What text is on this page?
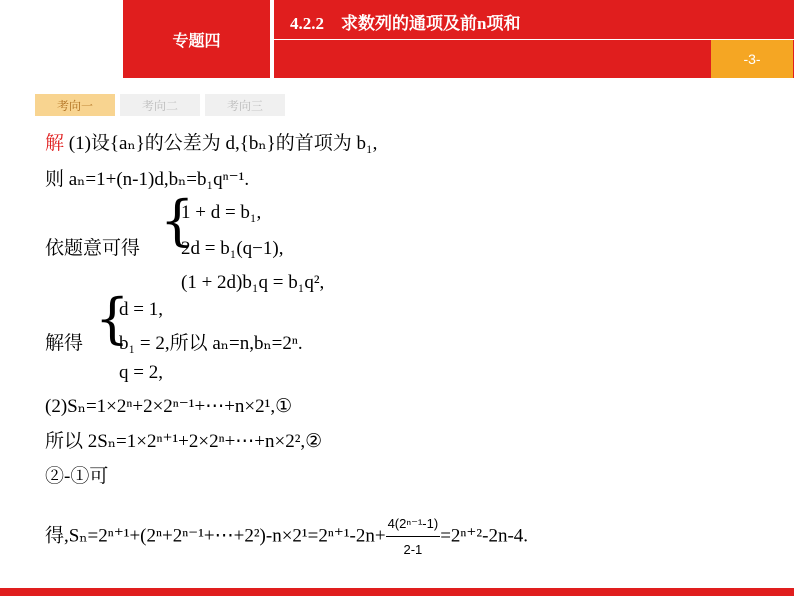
专题四
4.2.2　求数列的通项及前n项和
-3-
考向一	考向二	考向三
解 (1)设{aₙ}的公差为 d,{bₙ}的首项为 b₁,
则 aₙ=1+(n-1)d,bₙ=b₁qⁿ⁻¹.
依题意可得 {
1 + d = b₁,
2d = b₁(q−1),
(1 + 2d)b₁q = b₁q²,
解得 {
d = 1,
b₁ = 2,所以 aₙ=n,bₙ=2ⁿ.
q = 2,
(2)Sₙ=1×2ⁿ+2×2ⁿ⁻¹+⋯+n×2¹,①
所以 2Sₙ=1×2ⁿ⁺¹+2×2ⁿ+⋯+n×2²,②
②-①可
得,Sₙ=2ⁿ⁺¹+(2ⁿ+2ⁿ⁻¹+⋯+2²)-n×2¹=2ⁿ⁺¹-2n+ $\frac{\text{4(2ⁿ⁻¹-1)}}{2-1} =2^{n+2}-2n-4$.
